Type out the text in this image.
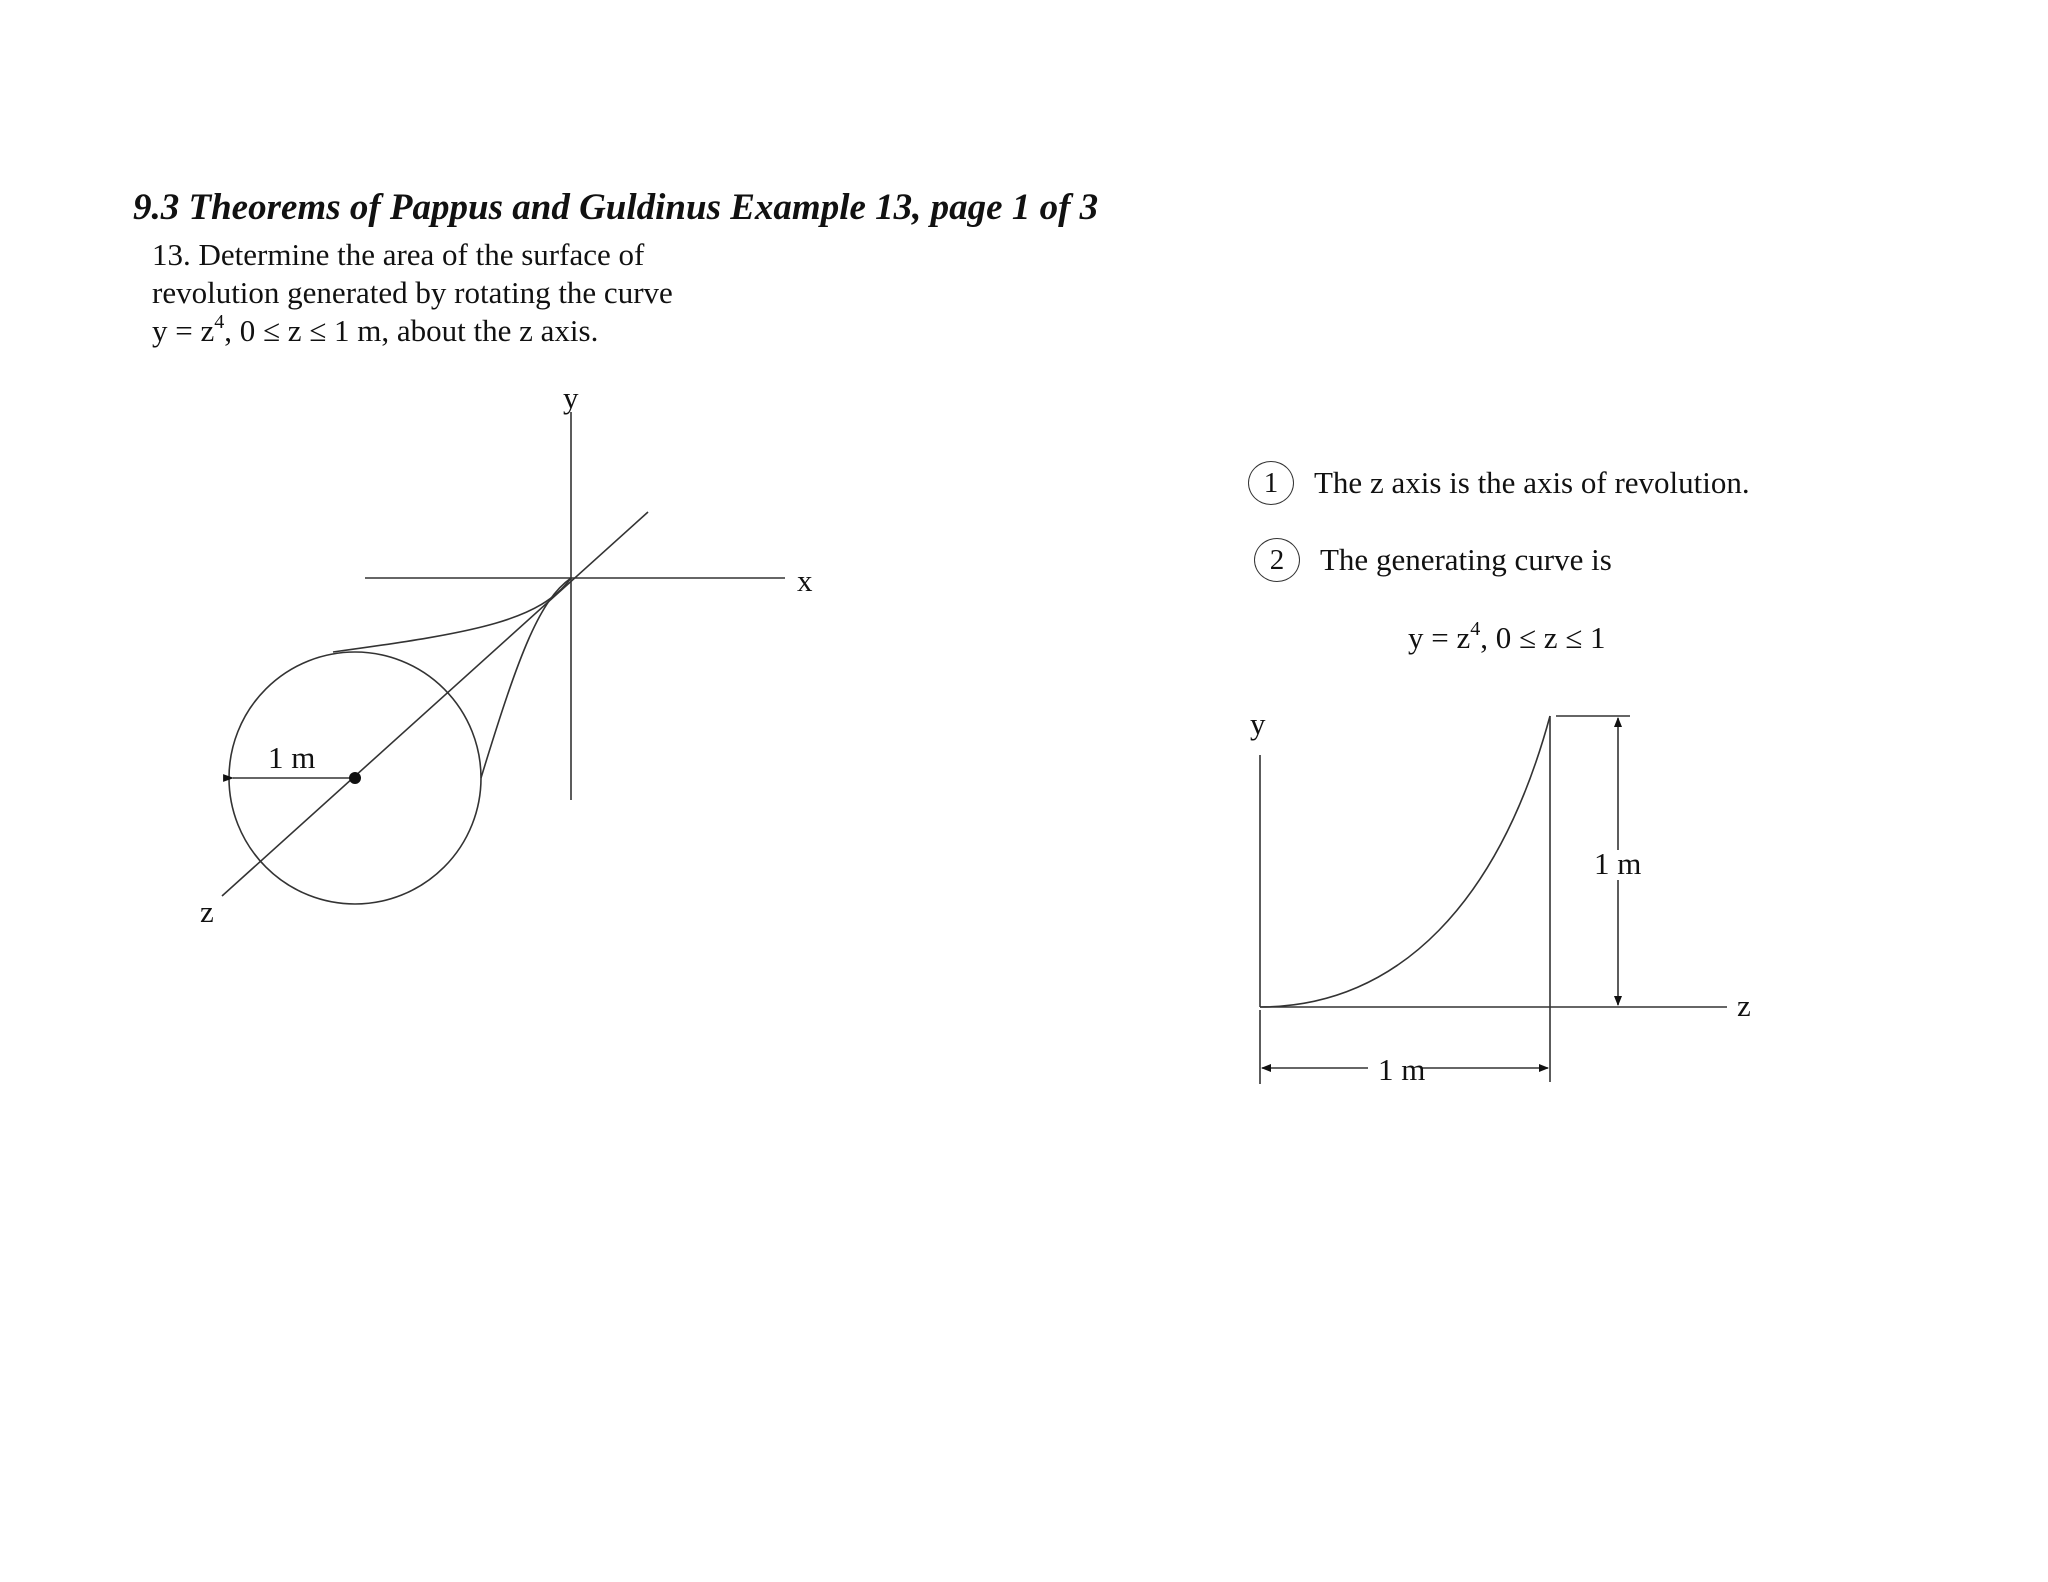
9.3 Theorems of Pappus and Guldinus Example 13, page 1 of 3
13. Determine the area of the surface of
revolution generated by rotating the curve
$y = z^4$, 0 ≤ z ≤ 1 m, about the z axis.
y
x
z
1 m
1	The z axis is the axis of revolution.
2	The generating curve is
$y = z^4$, 0 ≤ z ≤ 1
y
z
1 m
1 m
